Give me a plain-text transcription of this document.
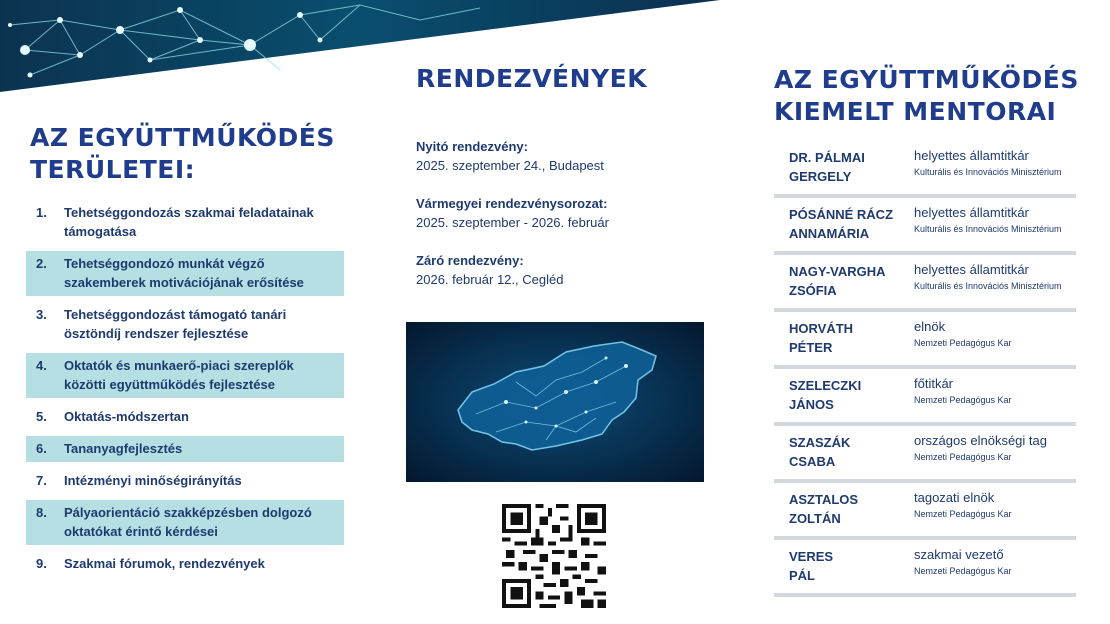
AZ EGYÜTTMŰKÖDÉS
TERÜLETEI:
1.	Tehetséggondozás szakmai feladatainak
támogatása
2.	Tehetséggondozó munkát végző
szakemberek motivációjának erősítése
3.	Tehetséggondozást támogató tanári
ösztöndíj rendszer fejlesztése
4.	Oktatók és munkaerő-piaci szereplők
közötti együttműködés fejlesztése
5.	Oktatás-módszertan
6.	Tananyagfejlesztés
7.	Intézményi minőségirányítás
8.	Pályaorientáció szakképzésben dolgozó
oktatókat érintő kérdései
9.	Szakmai fórumok, rendezvények
RENDEZVÉNYEK
Nyitó rendezvény:
2025. szeptember 24., Budapest
Vármegyei rendezvénysorozat:
2025. szeptember - 2026. február
Záró rendezvény:
2026. február 12., Cegléd
AZ EGYÜTTMŰKÖDÉS
KIEMELT MENTORAI
DR. PÁLMAI
GERGELY
helyettes államtitkár
Kulturális és Innovációs Minisztérium
PÓSÁNNÉ RÁCZ
ANNAMÁRIA
helyettes államtitkár
Kulturális és Innovációs Minisztérium
NAGY-VARGHA
ZSÓFIA
helyettes államtitkár
Kulturális és Innovációs Minisztérium
HORVÁTH
PÉTER
elnök
Nemzeti Pedagógus Kar
SZELECZKI
JÁNOS
főtitkár
Nemzeti Pedagógus Kar
SZASZÁK
CSABA
országos elnökségi tag
Nemzeti Pedagógus Kar
ASZTALOS
ZOLTÁN
tagozati elnök
Nemzeti Pedagógus Kar
VERES
PÁL
szakmai vezető
Nemzeti Pedagógus Kar
